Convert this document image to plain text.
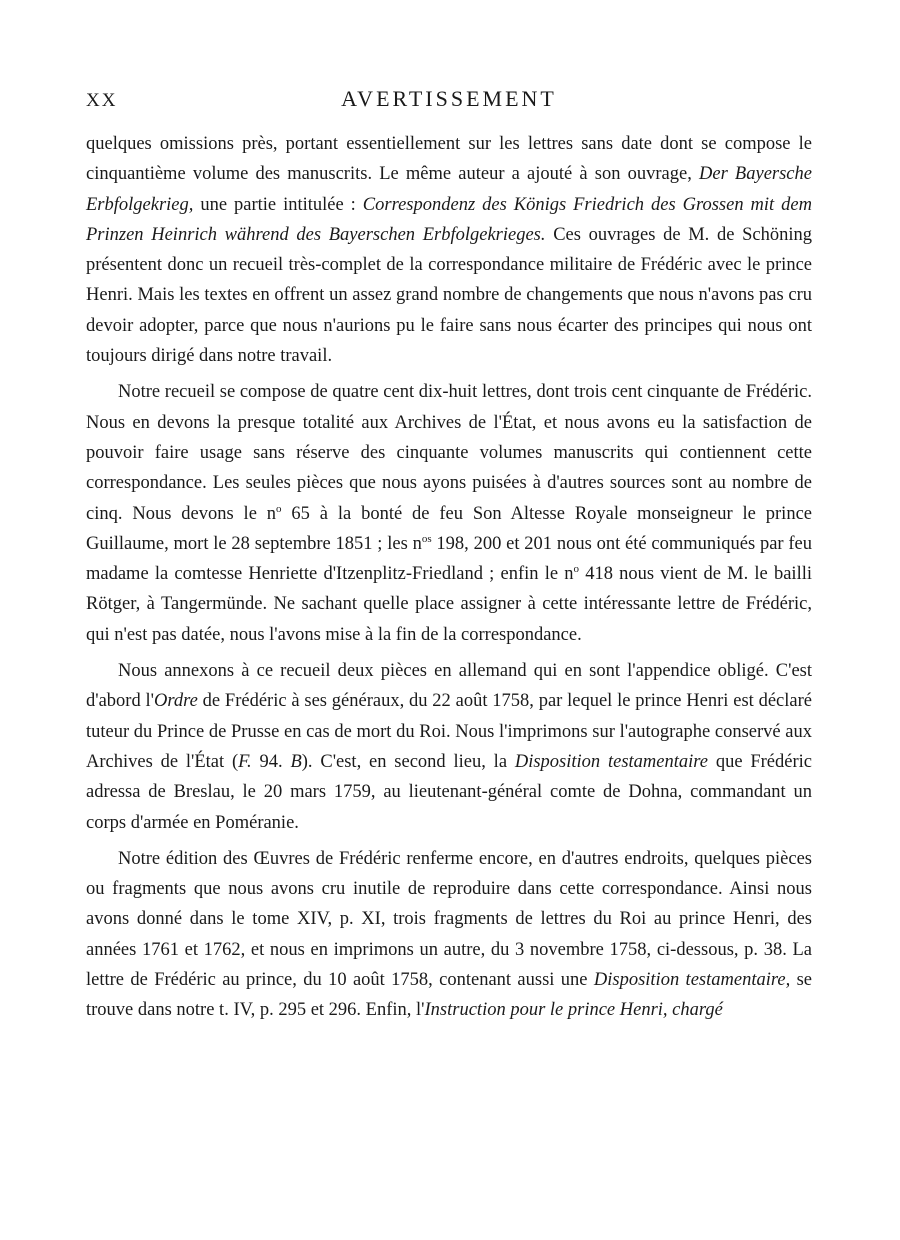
XX	AVERTISSEMENT

quelques omissions près, portant essentiellement sur les lettres sans date dont se compose le cinquantième volume des manuscrits. Le même auteur a ajouté à son ouvrage, Der Bayersche Erbfolgekrieg, une partie intitulée : Correspondenz des Königs Friedrich des Grossen mit dem Prinzen Heinrich während des Bayerschen Erbfolgekrieges. Ces ouvrages de M. de Schöning présentent donc un recueil très-complet de la correspondance militaire de Frédéric avec le prince Henri. Mais les textes en offrent un assez grand nombre de changements que nous n'avons pas cru devoir adopter, parce que nous n'aurions pu le faire sans nous écarter des principes qui nous ont toujours dirigé dans notre travail.

Notre recueil se compose de quatre cent dix-huit lettres, dont trois cent cinquante de Frédéric. Nous en devons la presque totalité aux Archives de l'État, et nous avons eu la satisfaction de pouvoir faire usage sans réserve des cinquante volumes manuscrits qui contiennent cette correspondance. Les seules pièces que nous ayons puisées à d'autres sources sont au nombre de cinq. Nous devons le $n^o$ 65 à la bonté de feu Son Altesse Royale monseigneur le prince Guillaume, mort le 28 septembre 1851 ; les $n^{os}$ 198, 200 et 201 nous ont été communiqués par feu madame la comtesse Henriette d'Itzenplitz-Friedland ; enfin le $n^o$ 418 nous vient de M. le bailli Rötger, à Tangermünde. Ne sachant quelle place assigner à cette intéressante lettre de Frédéric, qui n'est pas datée, nous l'avons mise à la fin de la correspondance.

Nous annexons à ce recueil deux pièces en allemand qui en sont l'appendice obligé. C'est d'abord l'Ordre de Frédéric à ses généraux, du 22 août 1758, par lequel le prince Henri est déclaré tuteur du Prince de Prusse en cas de mort du Roi. Nous l'imprimons sur l'autographe conservé aux Archives de l'État (F. 94. B). C'est, en second lieu, la Disposition testamentaire que Frédéric adressa de Breslau, le 20 mars 1759, au lieutenant-général comte de Dohna, commandant un corps d'armée en Poméranie.

Notre édition des Œuvres de Frédéric renferme encore, en d'autres endroits, quelques pièces ou fragments que nous avons cru inutile de reproduire dans cette correspondance. Ainsi nous avons donné dans le tome XIV, p. XI, trois fragments de lettres du Roi au prince Henri, des années 1761 et 1762, et nous en imprimons un autre, du 3 novembre 1758, ci-dessous, p. 38. La lettre de Frédéric au prince, du 10 août 1758, contenant aussi une Disposition testamentaire, se trouve dans notre t. IV, p. 295 et 296. Enfin, l'Instruction pour le prince Henri, chargé
